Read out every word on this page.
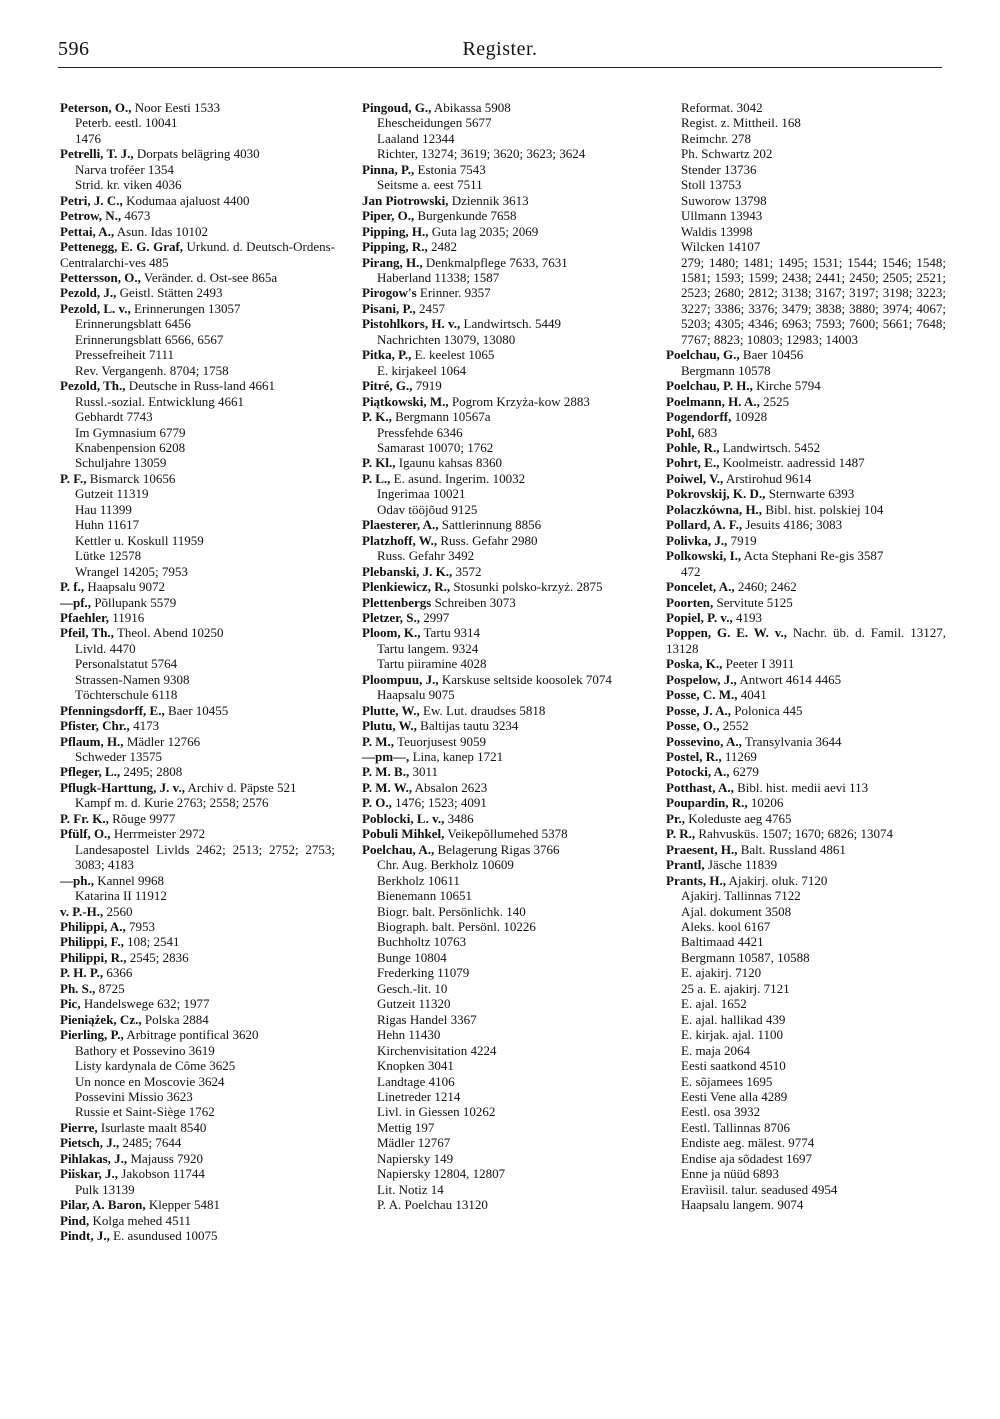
596	Register.
Peterson, O., Noor Eesti 1533
Peterb. eestl. 10041
1476
Petrelli, T. J., Dorpats belägring 4030
Narva troféer 1354
Strid. kr. viken 4036
Petri, J. C., Kodumaa ajaluost 4400
Petrow, N., 4673
Pettai, A., Asun. Idas 10102
Pettenegg, E. G. Graf, Urkund. d. Deutsch-Ordens-Centralarchi-ves 485
Pettersson, O., Veränder. d. Ost-see 865a
Pezold, J., Geistl. Stätten 2493
Pezold, L. v., Erinnerungen 13057
Erinnerungsblatt 6456
Erinnerungsblatt 6566, 6567
Pressefreiheit 7111
Rev. Vergangenh. 8704; 1758
Pezold, Th., Deutsche in Russ-land 4661
Russl.-sozial. Entwicklung 4661
Gebhardt 7743
Im Gymnasium 6779
Knabenpension 6208
Schuljahre 13059
P. F., Bismarck 10656
Gutzeit 11319
Hau 11399
Huhn 11617
Kettler u. Koskull 11959
Lütke 12578
Wrangel 14205; 7953
P. f., Haapsalu 9072
—pf., Põllupank 5579
Pfaehler, 11916
Pfeil, Th., Theol. Abend 10250
Livld. 4470
Personalstatut 5764
Strassen-Namen 9308
Töchterschule 6118
Pfenningsdorff, E., Baer 10455
Pfister, Chr., 4173
Pflaum, H., Mädler 12766
Schweder 13575
Pfleger, L., 2495; 2808
Pflugk-Harttung, J. v., Archiv d. Päpste 521
Kampf m. d. Kurie 2763; 2558; 2576
P. Fr. K., Rõuge 9977
Pfülf, O., Herrmeister 2972
Landesapostel Livlds 2462; 2513; 2752; 2753; 3083; 4183
—ph., Kannel 9968
Katarina II 11912
v. P.-H., 2560
Philippi, A., 7953
Philippi, F., 108; 2541
Philippi, R., 2545; 2836
P. H. P., 6366
Ph. S., 8725
Pic, Handelswege 632; 1977
Pieniążek, Cz., Polska 2884
Pierling, P., Arbitrage pontifical 3620
Bathory et Possevino 3619
Listy kardynala de Côme 3625
Un nonce en Moscovie 3624
Possevini Missio 3623
Russie et Saint-Siège 1762
Pierre, Isurlaste maalt 8540
Pietsch, J., 2485; 7644
Pihlakas, J., Majauss 7920
Piiskar, J., Jakobson 11744
Pulk 13139
Pilar, A. Baron, Klepper 5481
Pind, Kolga mehed 4511
Pindt, J., E. asundused 10075
Pingoud, G., Abikassa 5908
Ehescheidungen 5677
Laaland 12344
Richter, 13274; 3619; 3620; 3623; 3624
Pinna, P., Estonia 7543
Seitsme a. eest 7511
Jan Piotrowski, Dziennik 3613
Piper, O., Burgenkunde 7658
Pipping, H., Guta lag 2035; 2069
Pipping, R., 2482
Pirang, H., Denkmalpflege 7633, 7631
Haberland 11338; 1587
Pirogow's Erinner. 9357
Pisani, P., 2457
Pistohlkors, H. v., Landwirtsch. 5449
Nachrichten 13079, 13080
Pitka, P., E. keelest 1065
E. kirjakeel 1064
Pitré, G., 7919
Piątkowski, M., Pogrom Krzyża-kow 2883
P. K., Bergmann 10567a
Pressfehde 6346
Samarast 10070; 1762
P. Kl., Igaunu kahsas 8360
P. L., E. asund. Ingerim. 10032
Ingerimaa 10021
Odav tööjõud 9125
Plaesterer, A., Sattlerinnung 8856
Platzhoff, W., Russ. Gefahr 2980
Russ. Gefahr 3492
Plebanski, J. K., 3572
Plenkiewicz, R., Stosunki polsko-krzyż. 2875
Plettenbergs Schreiben 3073
Pletzer, S., 2997
Ploom, K., Tartu 9314
Tartu langem. 9324
Tartu piiramine 4028
Ploompuu, J., Karskuse seltside koosolek 7074
Haapsalu 9075
Plutte, W., Ew. Lut. draudses 5818
Plutu, W., Baltijas tautu 3234
P. M., Teuorjusest 9059
—pm—, Lina, kanep 1721
P. M. B., 3011
P. M. W., Absalon 2623
P. O., 1476; 1523; 4091
Poblocki, L. v., 3486
Pobuli Mihkel, Veikepõllumehed 5378
Poelchau, A., Belagerung Rigas 3766
Chr. Aug. Berkholz 10609
Berkholz 10611
Bienemann 10651
Biogr. balt. Persönlichk. 140
Biograph. balt. Persönl. 10226
Buchholtz 10763
Bunge 10804
Frederking 11079
Gesch.-lit. 10
Gutzeit 11320
Rigas Handel 3367
Hehn 11430
Kirchenvisitation 4224
Knopken 3041
Landtage 4106
Linetreder 1214
Livl. in Giessen 10262
Mettig 197
Mädler 12767
Napiersky 149
Napiersky 12804, 12807
Lit. Notiz 14
P. A. Poelchau 13120
Reformat. 3042
Regist. z. Mittheil. 168
Reimchr. 278
Ph. Schwartz 202
Stender 13736
Stoll 13753
Suworow 13798
Ullmann 13943
Waldis 13998
Wilcken 14107
279; 1480; 1481; 1495; 1531; 1544; 1546; 1548; 1581; 1593; 1599; 2438; 2441; 2450; 2505; 2521; 2523; 2680; 2812; 3138; 3167; 3197; 3198; 3223; 3227; 3386; 3376; 3479; 3838; 3880; 3974; 4067; 5203; 4305; 4346; 6963; 7593; 7600; 5661; 7648; 7767; 8823; 10803; 12983; 14003
Poelchau, G., Baer 10456
Bergmann 10578
Poelchau, P. H., Kirche 5794
Poelmann, H. A., 2525
Pogendorff, 10928
Pohl, 683
Pohle, R., Landwirtsch. 5452
Pohrt, E., Koolmeistr. aadressid 1487
Poiwel, V., Arstirohud 9614
Pokrovskij, K. D., Sternwarte 6393
Polaczkówna, H., Bibl. hist. polskiej 104
Pollard, A. F., Jesuits 4186; 3083
Polivka, J., 7919
Polkowski, I., Acta Stephani Re-gis 3587
472
Poncelet, A., 2460; 2462
Poorten, Servitute 5125
Popiel, P. v., 4193
Poppen, G. E. W. v., Nachr. üb. d. Famil. 13127, 13128
Poska, K., Peeter I 3911
Pospelow, J., Antwort 4614 4465
Posse, C. M., 4041
Posse, J. A., Polonica 445
Posse, O., 2552
Possevino, A., Transylvania 3644
Postel, R., 11269
Potocki, A., 6279
Potthast, A., Bibl. hist. medii aevi 113
Poupardin, R., 10206
Pr., Koleduste aeg 4765
P. R., Rahvusküs. 1507; 1670; 6826; 13074
Praesent, H., Balt. Russland 4861
Prantl, Jäsche 11839
Prants, H., Ajakirj. oluk. 7120
Ajakirj. Tallinnas 7122
Ajal. dokument 3508
Aleks. kool 6167
Baltimaad 4421
Bergmann 10587, 10588
E. ajakirj. 7120
25 a. E. ajakirj. 7121
E. ajal. 1652
E. ajal. hallikad 439
E. kirjak. ajal. 1100
E. maja 2064
Eesti saatkond 4510
E. sõjamees 1695
Eesti Vene alla 4289
Eestl. osa 3932
Eestl. Tallinnas 8706
Endiste aeg. mälest. 9774
Endise aja sõdadest 1697
Enne ja nüüd 6893
Eravìisil. talur. seadused 4954
Haapsalu langem. 9074
